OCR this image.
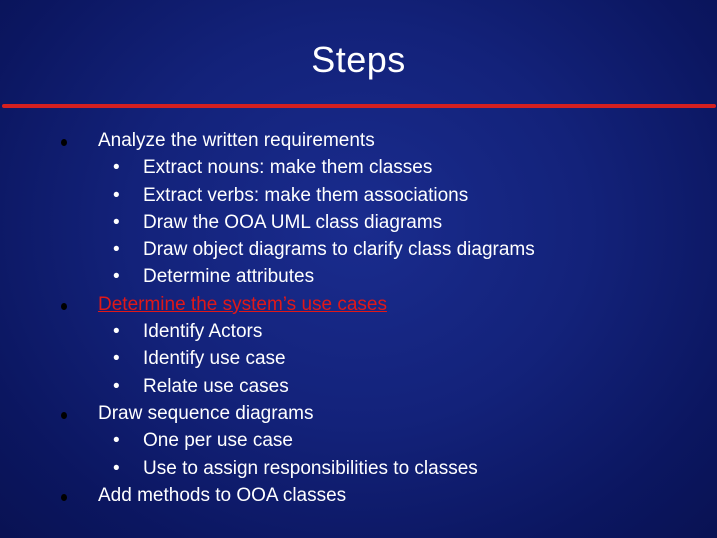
Steps
Analyze the written requirements
• Extract nouns: make them classes
• Extract verbs: make them associations
• Draw the OOA UML class diagrams
• Draw object diagrams to clarify class diagrams
• Determine attributes
Determine the system’s use cases
• Identify Actors
• Identify use case
• Relate use cases
Draw sequence diagrams
• One per use case
• Use to assign responsibilities to classes
Add methods to OOA classes
